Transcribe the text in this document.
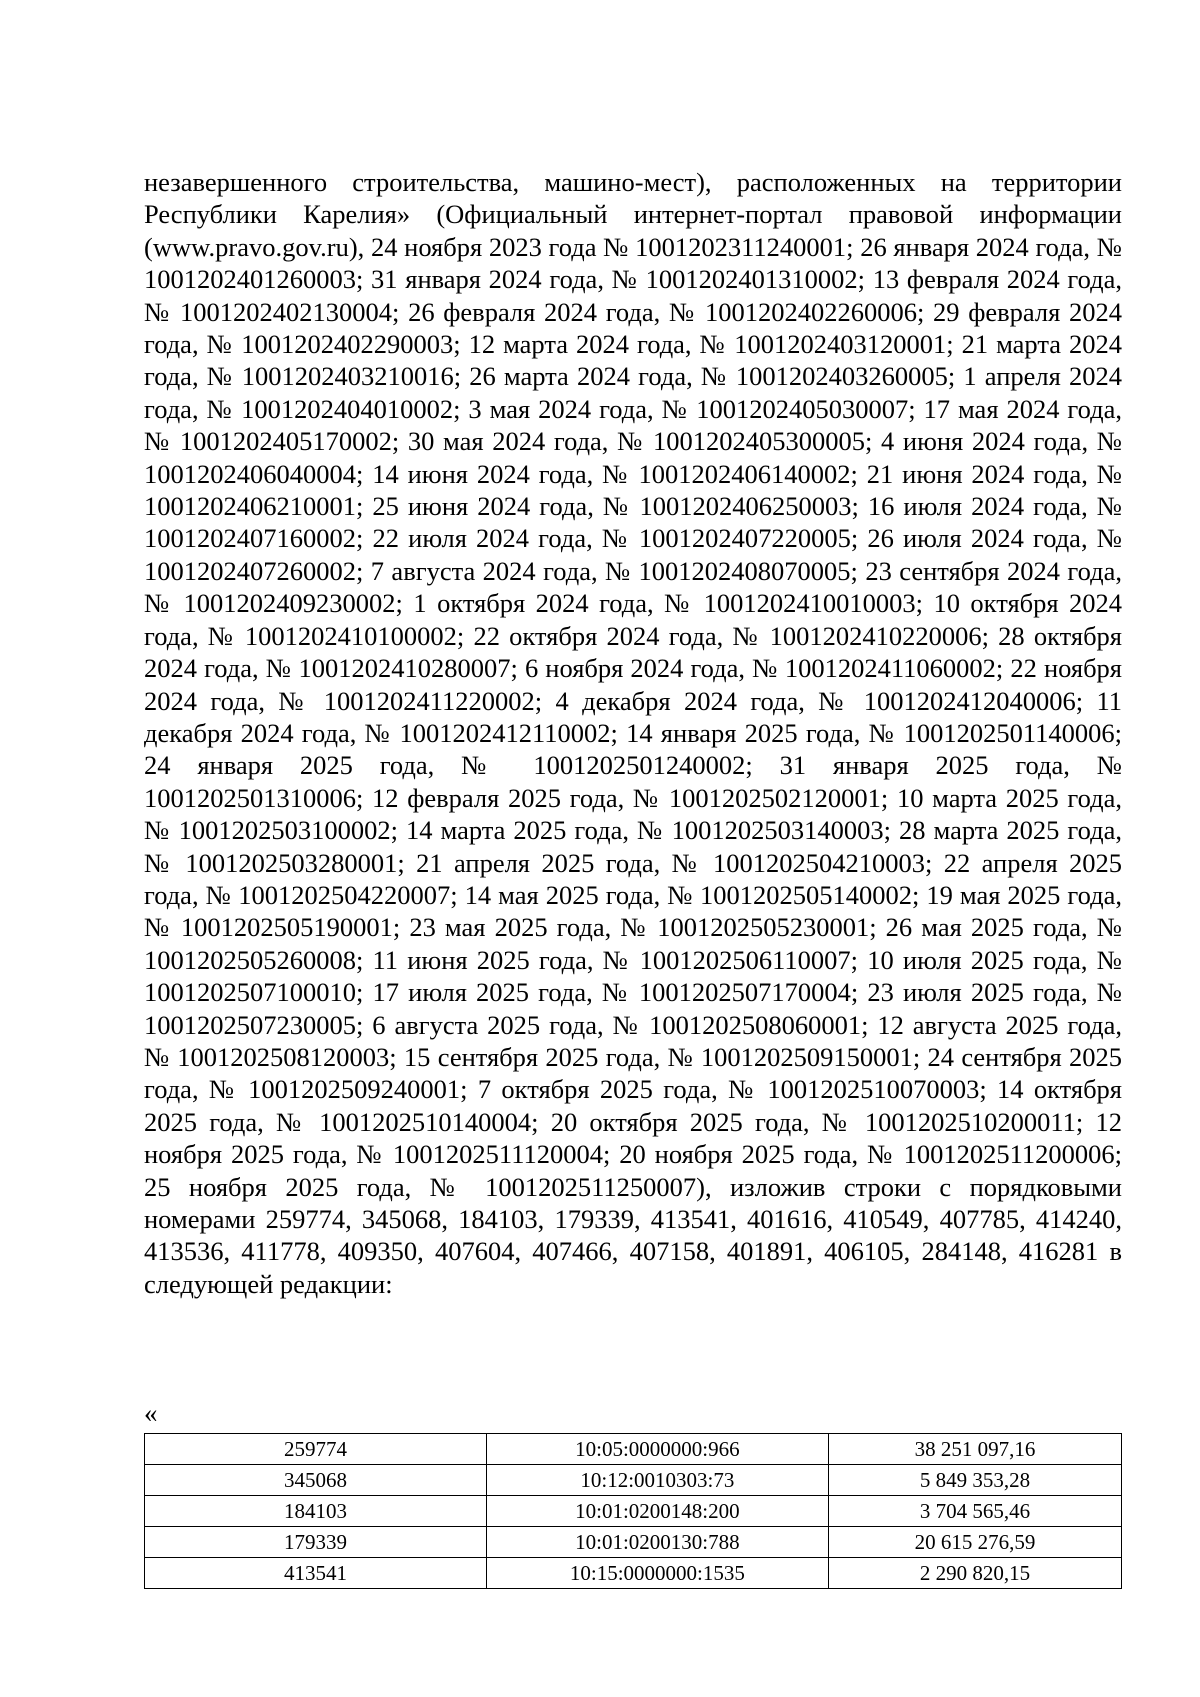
незавершенного строительства, машино-мест), расположенных на территории Республики Карелия» (Официальный интернет-портал правовой информации (www.pravo.gov.ru), 24 ноября 2023 года № 1001202311240001; 26 января 2024 года, № 1001202401260003; 31 января 2024 года, № 1001202401310002; 13 февраля 2024 года, № 1001202402130004; 26 февраля 2024 года, № 1001202402260006; 29 февраля 2024 года, № 1001202402290003; 12 марта 2024 года, № 1001202403120001; 21 марта 2024 года, № 1001202403210016; 26 марта 2024 года, № 1001202403260005; 1 апреля 2024 года, № 1001202404010002; 3 мая 2024 года, № 1001202405030007; 17 мая 2024 года, № 1001202405170002; 30 мая 2024 года, № 1001202405300005; 4 июня 2024 года, № 1001202406040004; 14 июня 2024 года, № 1001202406140002; 21 июня 2024 года, № 1001202406210001; 25 июня 2024 года, № 1001202406250003; 16 июля 2024 года, № 1001202407160002; 22 июля 2024 года, № 1001202407220005; 26 июля 2024 года, № 1001202407260002; 7 августа 2024 года, № 1001202408070005; 23 сентября 2024 года, № 1001202409230002; 1 октября 2024 года, № 1001202410010003; 10 октября 2024 года, № 1001202410100002; 22 октября 2024 года, № 1001202410220006; 28 октября 2024 года, № 1001202410280007; 6 ноября 2024 года, № 1001202411060002; 22 ноября 2024 года, № 1001202411220002; 4 декабря 2024 года, № 1001202412040006; 11 декабря 2024 года, № 1001202412110002; 14 января 2025 года, № 1001202501140006; 24 января 2025 года, № 1001202501240002; 31 января 2025 года, № 1001202501310006; 12 февраля 2025 года, № 1001202502120001; 10 марта 2025 года, № 1001202503100002; 14 марта 2025 года, № 1001202503140003; 28 марта 2025 года, № 1001202503280001; 21 апреля 2025 года, № 1001202504210003; 22 апреля 2025 года, № 1001202504220007; 14 мая 2025 года, № 1001202505140002; 19 мая 2025 года, № 1001202505190001; 23 мая 2025 года, № 1001202505230001; 26 мая 2025 года, № 1001202505260008; 11 июня 2025 года, № 1001202506110007; 10 июля 2025 года, № 1001202507100010; 17 июля 2025 года, № 1001202507170004; 23 июля 2025 года, № 1001202507230005; 6 августа 2025 года, № 1001202508060001; 12 августа 2025 года, № 1001202508120003; 15 сентября 2025 года, № 1001202509150001; 24 сентября 2025 года, № 1001202509240001; 7 октября 2025 года, № 1001202510070003; 14 октября 2025 года, № 1001202510140004; 20 октября 2025 года, № 1001202510200011; 12 ноября 2025 года, № 1001202511120004; 20 ноября 2025 года, № 1001202511200006; 25 ноября 2025 года, № 1001202511250007), изложив строки с порядковыми номерами 259774, 345068, 184103, 179339, 413541, 401616, 410549, 407785, 414240, 413536, 411778, 409350, 407604, 407466, 407158, 401891, 406105, 284148, 416281 в следующей редакции:

«

259774	10:05:0000000:966	38 251 097,16
345068	10:12:0010303:73	5 849 353,28
184103	10:01:0200148:200	3 704 565,46
179339	10:01:0200130:788	20 615 276,59
413541	10:15:0000000:1535	2 290 820,15
